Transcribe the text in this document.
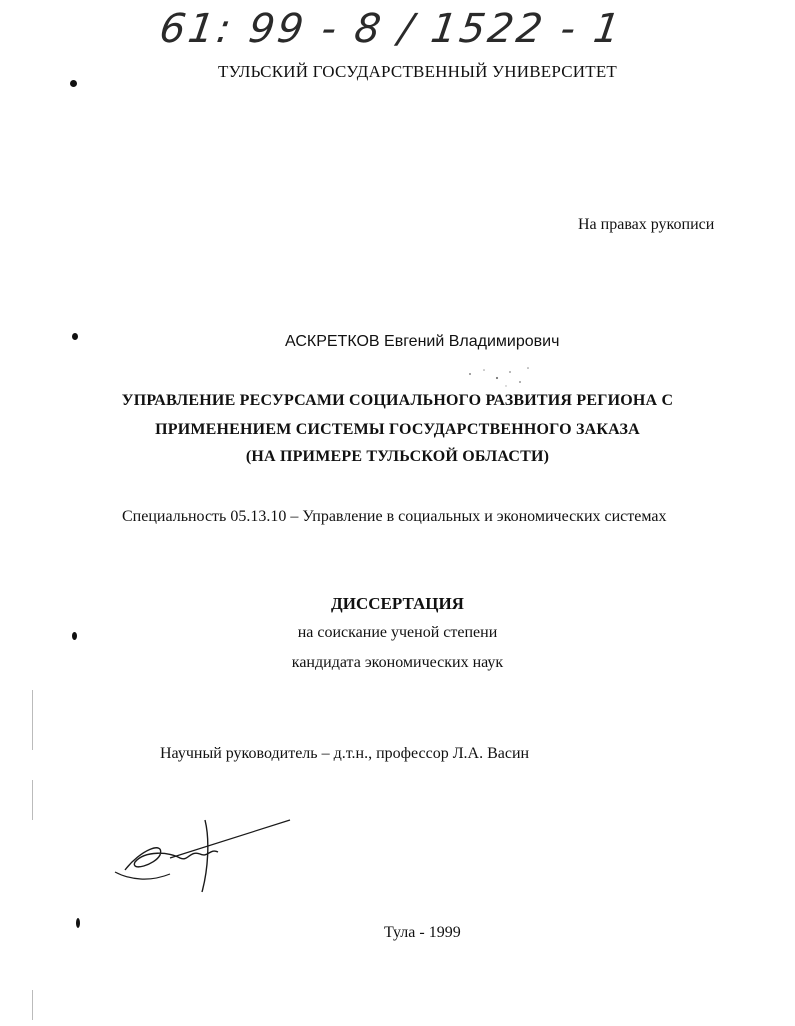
61: 99 - 8 / 1522 - 1
ТУЛЬСКИЙ ГОСУДАРСТВЕННЫЙ УНИВЕРСИТЕТ
На правах рукописи
АСКРЕТКОВ Евгений Владимирович
УПРАВЛЕНИЕ РЕСУРСАМИ СОЦИАЛЬНОГО РАЗВИТИЯ РЕГИОНА С
ПРИМЕНЕНИЕМ СИСТЕМЫ ГОСУДАРСТВЕННОГО ЗАКАЗА
(НА ПРИМЕРЕ ТУЛЬСКОЙ ОБЛАСТИ)
Специальность 05.13.10 – Управление в социальных и экономических системах
ДИССЕРТАЦИЯ
на соискание ученой степени
кандидата экономических наук
Научный руководитель – д.т.н., профессор Л.А. Васин
Тула - 1999
